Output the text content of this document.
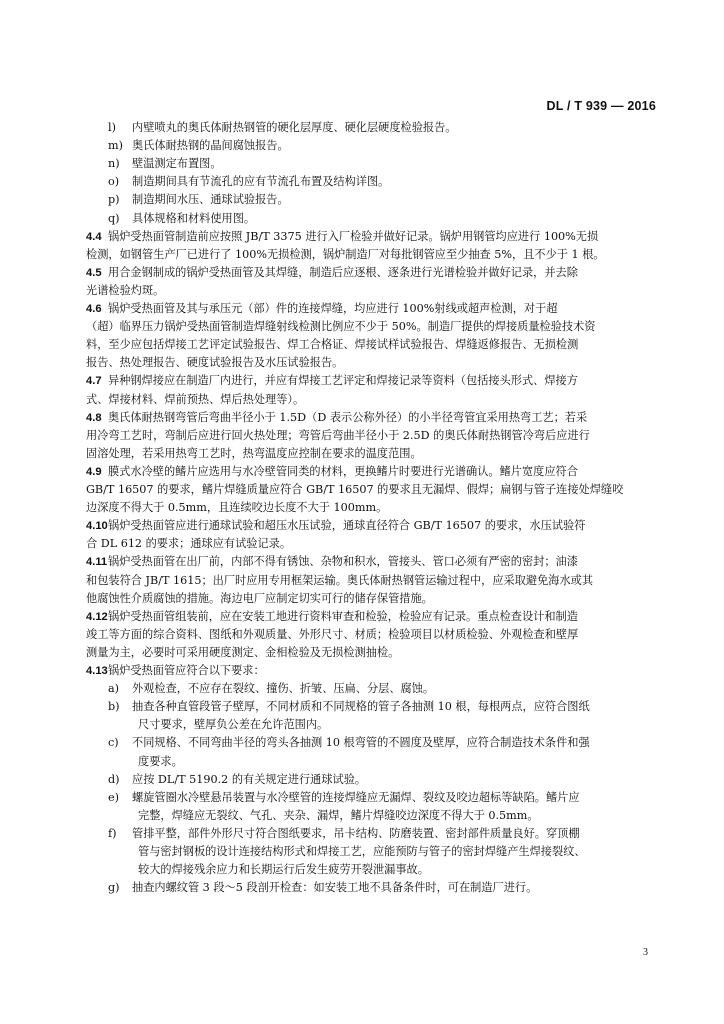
DL / T 939 — 2016
l) 内壁喷丸的奥氏体耐热钢管的硬化层厚度、硬化层硬度检验报告。
m) 奥氏体耐热钢的晶间腐蚀报告。
n) 壁温测定布置图。
o) 制造期间具有节流孔的应有节流孔布置及结构详图。
p) 制造期间水压、通球试验报告。
q) 具体规格和材料使用图。
4.4 锅炉受热面管制造前应按照 JB/T 3375 进行入厂检验并做好记录。锅炉用钢管均应进行 100%无损
检测，如钢管生产厂已进行了 100%无损检测，锅炉制造厂对每批钢管应至少抽查 5%，且不少于 1 根。
4.5 用合金钢制成的锅炉受热面管及其焊缝，制造后应逐根、逐条进行光谱检验并做好记录，并去除
光谱检验灼斑。
4.6 锅炉受热面管及其与承压元（部）件的连接焊缝，均应进行 100%射线或超声检测，对于超
（超）临界压力锅炉受热面管制造焊缝射线检测比例应不少于 50%。制造厂提供的焊接质量检验技术资
料，至少应包括焊接工艺评定试验报告、焊工合格证、焊接试样试验报告、焊缝返修报告、无损检测
报告、热处理报告、硬度试验报告及水压试验报告。
4.7 异种钢焊接应在制造厂内进行，并应有焊接工艺评定和焊接记录等资料（包括接头形式、焊接方
式、焊接材料、焊前预热、焊后热处理等）。
4.8 奥氏体耐热钢弯管后弯曲半径小于 1.5D（D 表示公称外径）的小半径弯管宜采用热弯工艺；若采
用冷弯工艺时，弯制后应进行回火热处理；弯管后弯曲半径小于 2.5D 的奥氏体耐热钢管冷弯后应进行
固溶处理，若采用热弯工艺时，热弯温度应控制在要求的温度范围。
4.9 膜式水冷壁的鳍片应选用与水冷壁管同类的材料，更换鳍片时要进行光谱确认。鳍片宽度应符合
GB/T 16507 的要求，鳍片焊缝质量应符合 GB/T 16507 的要求且无漏焊、假焊；扁钢与管子连接处焊缝咬
边深度不得大于 0.5mm，且连续咬边长度不大于 100mm。
4.10 锅炉受热面管应进行通球试验和超压水压试验，通球直径符合 GB/T 16507 的要求，水压试验符
合 DL 612 的要求；通球应有试验记录。
4.11 锅炉受热面管在出厂前，内部不得有锈蚀、杂物和积水，管接头、管口必须有严密的密封；油漆
和包装符合 JB/T 1615；出厂时应用专用框架运输。奥氏体耐热钢管运输过程中，应采取避免海水或其
他腐蚀性介质腐蚀的措施。海边电厂应制定切实可行的储存保管措施。
4.12 锅炉受热面管组装前，应在安装工地进行资料审查和检验，检验应有记录。重点检查设计和制造
竣工等方面的综合资料、图纸和外观质量、外形尺寸、材质；检验项目以材质检验、外观检查和壁厚
测量为主，必要时可采用硬度测定、金相检验及无损检测抽检。
4.13 锅炉受热面管应符合以下要求：
a) 外观检查，不应存在裂纹、撞伤、折皱、压扁、分层、腐蚀。
b) 抽查各种直管段管子壁厚，不同材质和不同规格的管子各抽测 10 根，每根两点，应符合图纸
尺寸要求，壁厚负公差在允许范围内。
c) 不同规格、不同弯曲半径的弯头各抽测 10 根弯管的不圆度及壁厚，应符合制造技术条件和强
度要求。
d) 应按 DL/T 5190.2 的有关规定进行通球试验。
e) 螺旋管圈水冷壁悬吊装置与水冷壁管的连接焊缝应无漏焊、裂纹及咬边超标等缺陷。鳍片应
完整，焊缝应无裂纹、气孔、夹杂、漏焊，鳍片焊缝咬边深度不得大于 0.5mm。
f) 管排平整，部件外形尺寸符合图纸要求，吊卡结构、防磨装置、密封部件质量良好。穿顶棚
管与密封钢板的设计连接结构形式和焊接工艺，应能预防与管子的密封焊缝产生焊接裂纹、
较大的焊接残余应力和长期运行后发生疲劳开裂泄漏事故。
g) 抽查内螺纹管 3 段～5 段剖开检查：如安装工地不具备条件时，可在制造厂进行。
3
